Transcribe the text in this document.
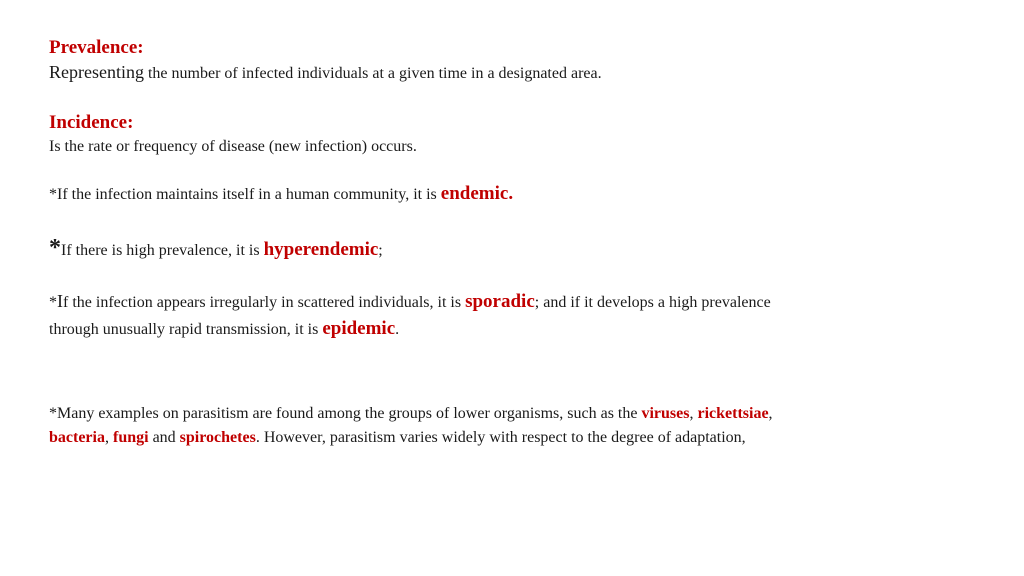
Prevalence:

Representing the number of infected individuals at a given time in a designated area.

Incidence:

Is the rate or frequency of disease (new infection) occurs.

*If the infection maintains itself in a human community, it is endemic.

*If there is high prevalence, it is hyperendemic;

*If the infection appears irregularly in scattered individuals, it is sporadic; and if it develops a high prevalence
through unusually rapid transmission, it is epidemic.

*Many examples on parasitism are found among the groups of lower organisms, such as the viruses, rickettsiae,
bacteria, fungi and spirochetes. However, parasitism varies widely with respect to the degree of adaptation,
